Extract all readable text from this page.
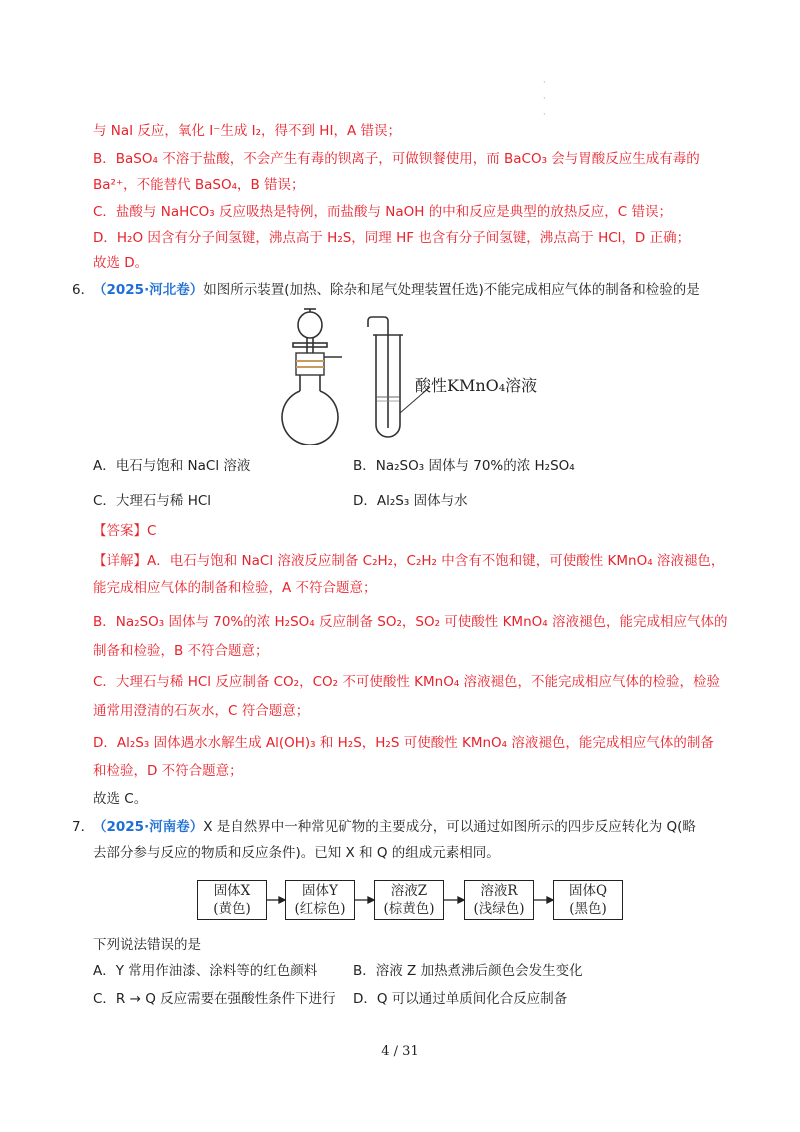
·
·
·
与 NaI 反应，氧化 I⁻生成 I₂，得不到 HI，A 错误；
B．BaSO₄ 不溶于盐酸，不会产生有毒的钡离子，可做钡餐使用，而 BaCO₃ 会与胃酸反应生成有毒的
Ba²⁺，不能替代 BaSO₄，B 错误；
C．盐酸与 NaHCO₃ 反应吸热是特例，而盐酸与 NaOH 的中和反应是典型的放热反应，C 错误；
D．H₂O 因含有分子间氢键，沸点高于 H₂S，同理 HF 也含有分子间氢键，沸点高于 HCl，D 正确；
故选 D。
6．
（2025·河北卷）如图所示装置(加热、除杂和尾气处理装置任选)不能完成相应气体的制备和检验的是
酸性KMnO₄溶液
A．电石与饱和 NaCl 溶液	B．Na₂SO₃ 固体与 70%的浓 H₂SO₄
C．大理石与稀 HCl	D．Al₂S₃ 固体与水
【答案】C
【详解】A．电石与饱和 NaCl 溶液反应制备 C₂H₂，C₂H₂ 中含有不饱和键，可使酸性 KMnO₄ 溶液褪色，
能完成相应气体的制备和检验，A 不符合题意；
B．Na₂SO₃ 固体与 70%的浓 H₂SO₄ 反应制备 SO₂，SO₂ 可使酸性 KMnO₄ 溶液褪色，能完成相应气体的
制备和检验，B 不符合题意；
C．大理石与稀 HCl 反应制备 CO₂，CO₂ 不可使酸性 KMnO₄ 溶液褪色，不能完成相应气体的检验，检验
通常用澄清的石灰水，C 符合题意；
D．Al₂S₃ 固体遇水水解生成 Al(OH)₃ 和 H₂S，H₂S 可使酸性 KMnO₄ 溶液褪色，能完成相应气体的制备
和检验，D 不符合题意；
故选 C。
7．
（2025·河南卷）X 是自然界中一种常见矿物的主要成分，可以通过如图所示的四步反应转化为 Q(略
去部分参与反应的物质和反应条件)。已知 X 和 Q 的组成元素相同。
固体X
(黄色)
固体Y
(红棕色)
溶液Z
(棕黄色)
溶液R
(浅绿色)
固体Q
(黑色)
下列说法错误的是
A．Y 常用作油漆、涂料等的红色颜料	B．溶液 Z 加热煮沸后颜色会发生变化
C．R → Q 反应需要在强酸性条件下进行 D．Q 可以通过单质间化合反应制备
4 / 31
